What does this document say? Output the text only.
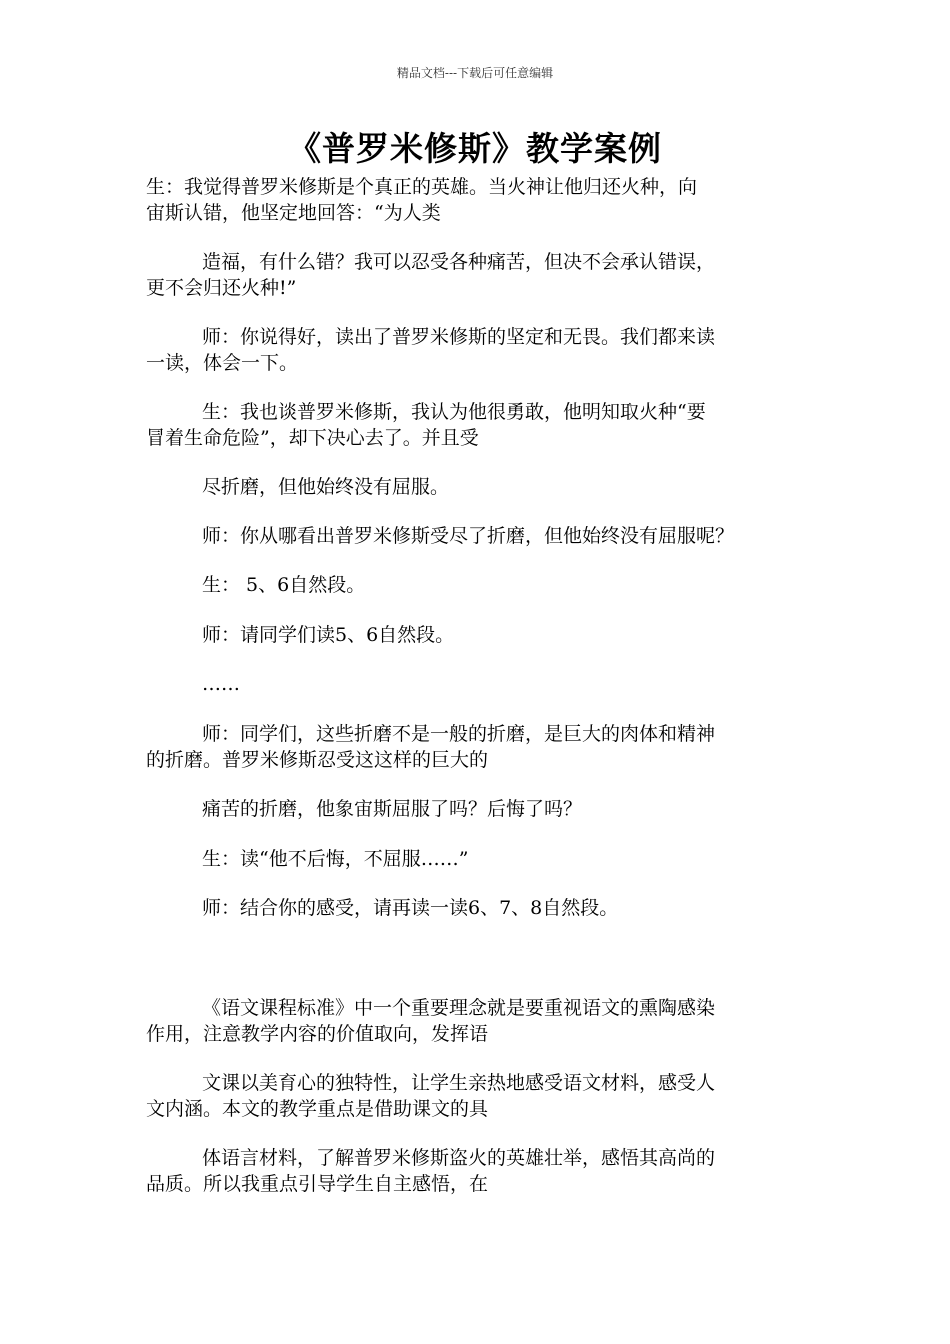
精品文档---下载后可任意编辑
《普罗米修斯》教学案例
生：我觉得普罗米修斯是个真正的英雄。当火神让他归还火种，向
宙斯认错，他坚定地回答：“为人类
造福，有什么错？我可以忍受各种痛苦，但决不会承认错误，
更不会归还火种!”
师：你说得好，读出了普罗米修斯的坚定和无畏。我们都来读
一读，体会一下。
生：我也谈普罗米修斯，我认为他很勇敢，他明知取火种“要
冒着生命危险”，却下决心去了。并且受
尽折磨，但他始终没有屈服。
师：你从哪看出普罗米修斯受尽了折磨，但他始终没有屈服呢？
生： 5、6自然段。
师：请同学们读5、6自然段。
……
师：同学们，这些折磨不是一般的折磨，是巨大的肉体和精神
的折磨。普罗米修斯忍受这这样的巨大的
痛苦的折磨，他象宙斯屈服了吗？后悔了吗？
生：读“他不后悔，不屈服……”
师：结合你的感受，请再读一读6、7、8自然段。
《语文课程标准》中一个重要理念就是要重视语文的熏陶感染
作用，注意教学内容的价值取向，发挥语
文课以美育心的独特性，让学生亲热地感受语文材料，感受人
文内涵。本文的教学重点是借助课文的具
体语言材料，了解普罗米修斯盗火的英雄壮举，感悟其高尚的
品质。所以我重点引导学生自主感悟，在
